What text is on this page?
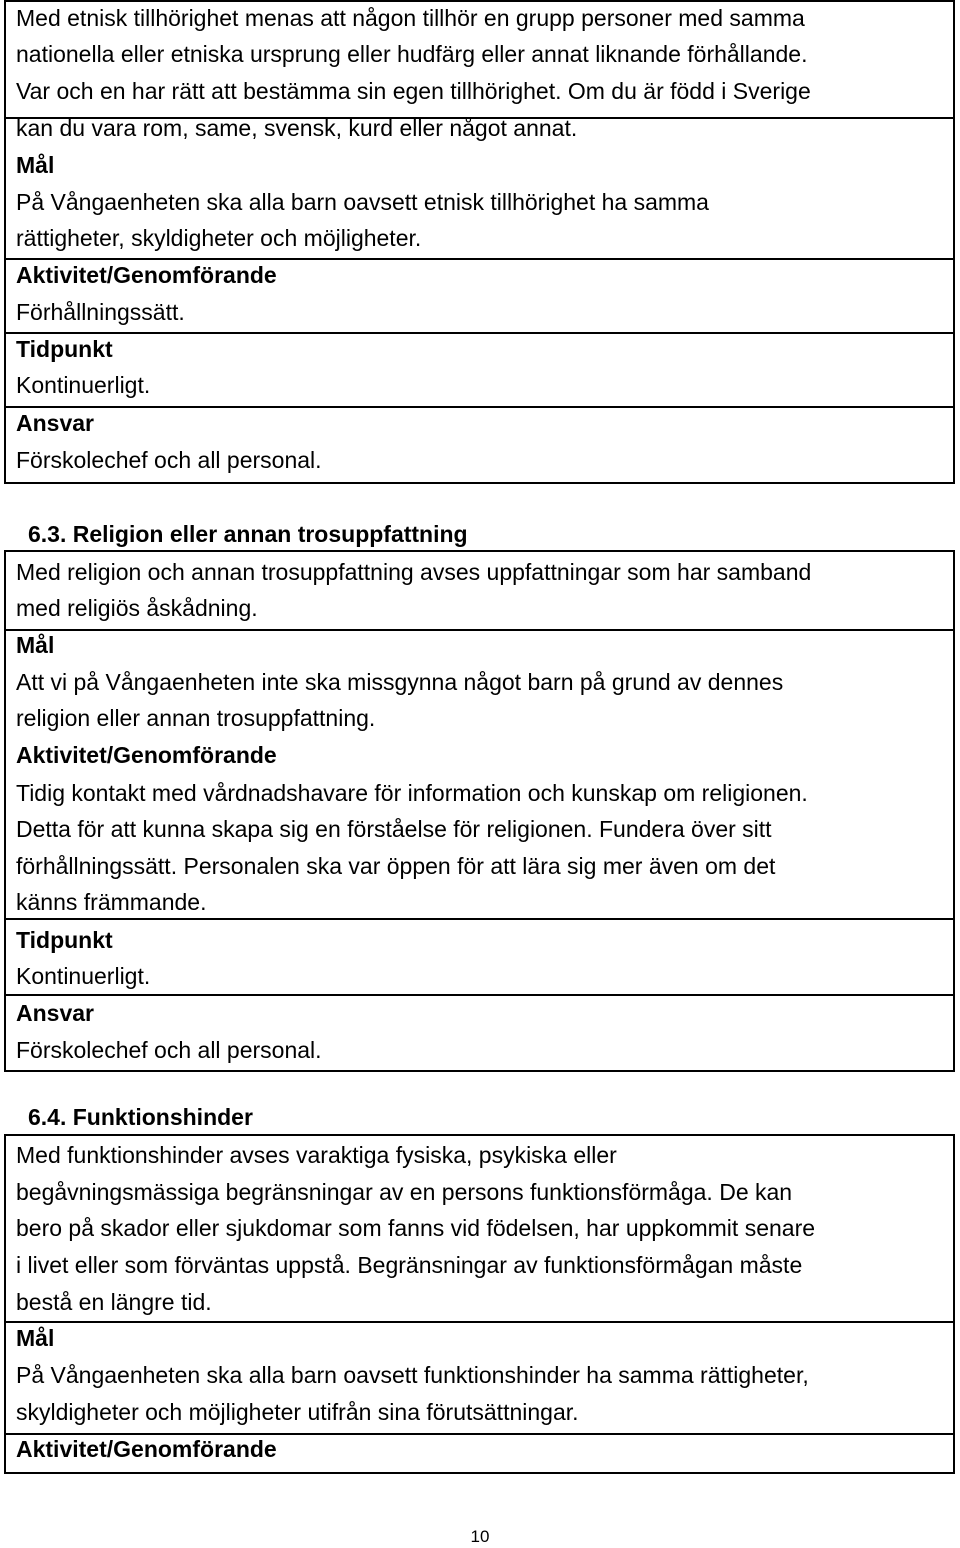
Med etnisk tillhörighet menas att någon tillhör en grupp personer med samma
nationella eller etniska ursprung eller hudfärg eller annat liknande förhållande.
Var och en har rätt att bestämma sin egen tillhörighet. Om du är född i Sverige
kan du vara rom, same, svensk, kurd eller något annat.
Mål
På Vångaenheten ska alla barn oavsett etnisk tillhörighet ha samma
rättigheter, skyldigheter och möjligheter.
Aktivitet/Genomförande
Förhållningssätt.
Tidpunkt
Kontinuerligt.
Ansvar
Förskolechef och all personal.
6.3. Religion eller annan trosuppfattning
Med religion och annan trosuppfattning avses uppfattningar som har samband
med religiös åskådning.
Mål
Att vi på Vångaenheten inte ska missgynna något barn på grund av dennes
religion eller annan trosuppfattning.
Aktivitet/Genomförande
Tidig kontakt med vårdnadshavare för information och kunskap om religionen.
Detta för att kunna skapa sig en förståelse för religionen. Fundera över sitt
förhållningssätt. Personalen ska var öppen för att lära sig mer även om det
känns främmande.
Tidpunkt
Kontinuerligt.
Ansvar
Förskolechef och all personal.
6.4. Funktionshinder
Med funktionshinder avses varaktiga fysiska, psykiska eller
begåvningsmässiga begränsningar av en persons funktionsförmåga. De kan
bero på skador eller sjukdomar som fanns vid födelsen, har uppkommit senare
i livet eller som förväntas uppstå. Begränsningar av funktionsförmågan måste
bestå en längre tid.
Mål
På Vångaenheten ska alla barn oavsett funktionshinder ha samma rättigheter,
skyldigheter och möjligheter utifrån sina förutsättningar.
Aktivitet/Genomförande
10
